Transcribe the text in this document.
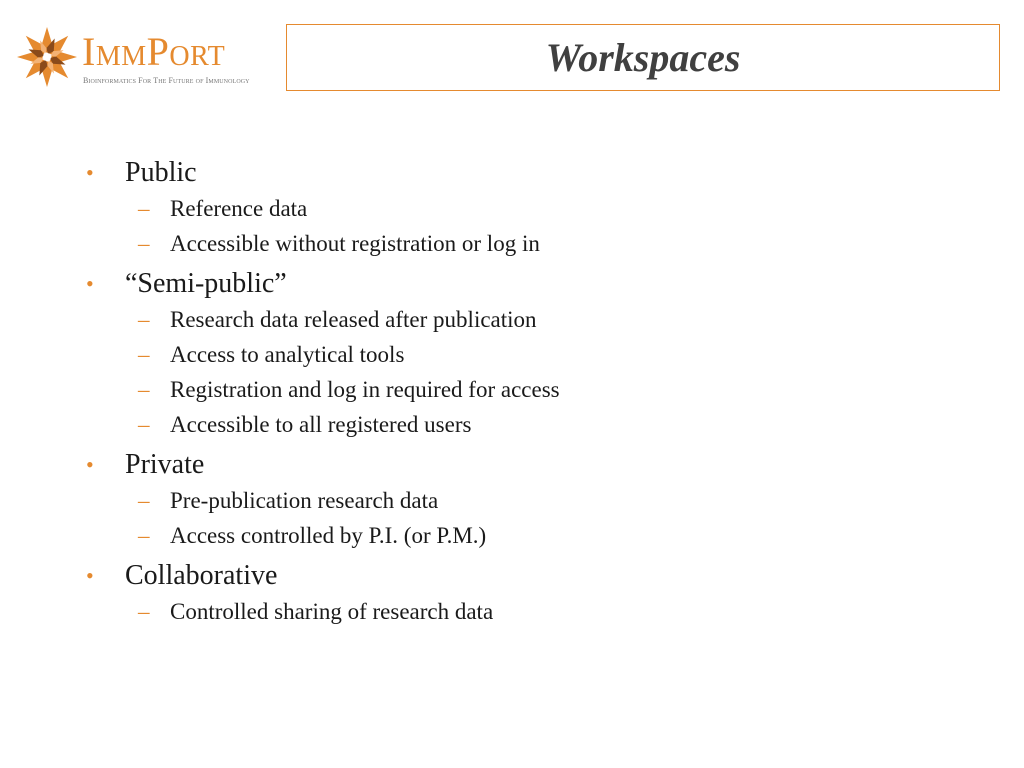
ImmPort
Bioinformatics For The Future of Immunology
Workspaces
• Public
– Reference data
– Accessible without registration or log in
• “Semi-public”
– Research data released after publication
– Access to analytical tools
– Registration and log in required for access
– Accessible to all registered users
• Private
– Pre-publication research data
– Access controlled by P.I. (or P.M.)
• Collaborative
– Controlled sharing of research data
